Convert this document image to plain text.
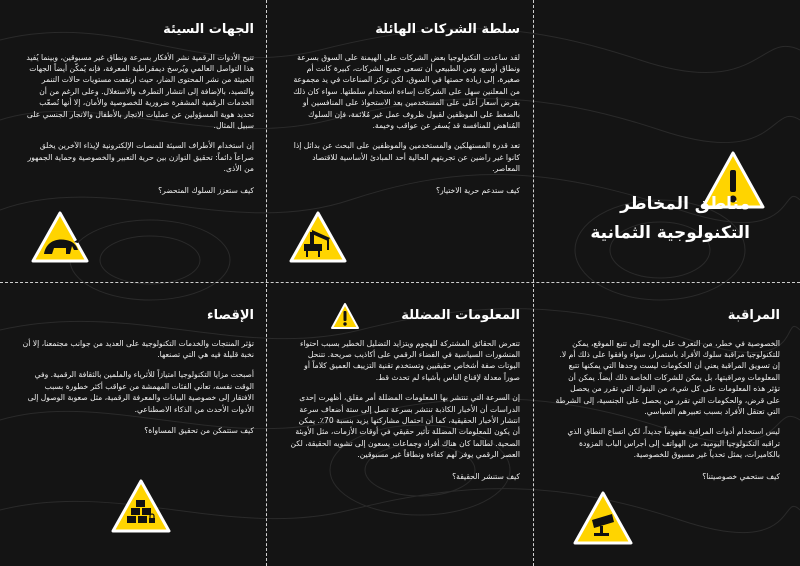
مناطق المخاطر
التكنولوجية الثمانية
سلطة الشركات الهائلة

لقد ساعدت التكنولوجيا بعض الشركات على الهيمنة على السوق بسرعة ونطاق أوسع، ومن الطبيعي أن تسعى جميع الشركات، كبيرة كانت أم صغيرة، إلى زيادة حصتها في السوق، لكن تركز الصناعات في يد مجموعة من المعلنين سهل على الشركات إساءة استخدام سلطتها. سواء كان ذلك بفرض أسعار أعلى على المستخدمين بعد الاستحواذ على المنافسين أو بالضغط على الموظفين لقبول ظروف عمل غير مُلائمة، فإن السلوك المُناهض للمنافسة قد يُسفر عن عواقب وخيمة.

تعد قدرة المستهلكين والمستخدمين والموظفين على البحث عن بدائل إذا كانوا غير راضين عن تجربتهم الحالية أحد المبادئ الأساسية للاقتصاد المعاصر.

كيف ستدعم حرية الاختيار؟

الجهات السيئة

تتيح الأدوات الرقمية نشر الأفكار بسرعة ونطاق غير مسبوقين، وبينما يُفيد هذا التواصل العالمي ويُرسخ ديمقراطية المعرفة، فإنه يُمكّن أيضاً الجهات الخبيثة من نشر المحتوى الضار، حيث ارتفعت مستويات حالات التنمر والتصيد، بالإضافة إلى انتشار التطرف والاستغلال. وعلى الرغم من أن الخدمات الرقمية المشفرة ضرورية للخصوصية والأمان، إلا أنها تُصعّب تحديد هوية المسؤولين عن عمليات الاتجار بالأطفال والاتجار الجنسي على سبيل المثال.

إن استخدام الأطراف السيئة للمنصات الإلكترونية لإيذاء الآخرين يخلق صراعاً دائماً: تحقيق التوازن بين حرية التعبير والخصوصية وحماية الجمهور من الأذى.

كيف ستعزز السلوك المتحضر؟

المراقبة

الخصوصية في خطر، من التعرف على الوجه إلى تتبع الموقع، يمكن للتكنولوجيا مراقبة سلوك الأفراد باستمرار، سواء وافقوا على ذلك أم لا. إن تسويق المراقبة يعني أن الحكومات ليست وحدها التي يمكنها تتبع المعلومات ومراقبتها، بل يمكن للشركات الخاصة ذلك أيضاً. يمكن أن تؤثر هذه المعلومات على كل شيء، من البنوك التي تقرر من يحصل على قرض، والحكومات التي تقرر من يحصل على الجنسية، إلى الشرطة التي تعتقل الأفراد بسبب تعبيرهم السياسي.

ليس استخدام أدوات المراقبة مفهوماً جديداً، لكن اتساع النطاق الذي تراقبه التكنولوجيا اليومية، من الهواتف إلى أجراس الباب المزودة بالكاميرات، يمثل تحدياً غير مسبوق للخصوصية.

كيف ستحمي خصوصيتنا؟

المعلومات المضللة

تتعرض الحقائق المشتركة للهجوم ويتزايد التضليل الخطير بسبب احتواء المنشورات السياسية في الفضاء الرقمي على أكاذيب صريحة. تتنحل البوتات صفة أشخاص حقيقيين وتستخدم تقنية التزييف العميق كلاماً أو صوراً معدلة لإقناع الناس بأشياء لم تحدث قط.

إن السرعة التي تنتشر بها المعلومات المضللة أمر مقلق، أظهرت إحدى الدراسات أن الأخبار الكاذبة تنتشر بسرعة تصل إلى ستة أضعاف سرعة انتشار الأخبار الحقيقية، كما أن احتمال مشاركتها يزيد بنسبة 70٪. يمكن أن يكون للمعلومات المضللة تأثير حقيقي في أوقات الأزمات، مثل الأوبئة الصحية. لطالما كان هناك أفراد وجماعات يسعون إلى تشويه الحقيقة، لكن العصر الرقمي يوفر لهم كفاءة ونطاقاً غير مسبوقين.

كيف ستنشر الحقيقة؟

الإقصاء

تؤثر المنتجات والخدمات التكنولوجية على العديد من جوانب مجتمعنا، إلا أن نخبة قليلة فيه هي التي تصنعها.

أصبحت مزايا التكنولوجيا امتيازاً للأثرياء والملمين بالثقافة الرقمية. وفي الوقت نفسه، تعاني الفئات المهمشة من عواقب أكثر خطورة بسبب الافتقار إلى خصوصية البيانات والمعرفة الرقمية، مثل صعوبة الوصول إلى الأدوات الأحدث من الذكاء الاصطناعي.

كيف ستتمكن من تحقيق المساواة؟
